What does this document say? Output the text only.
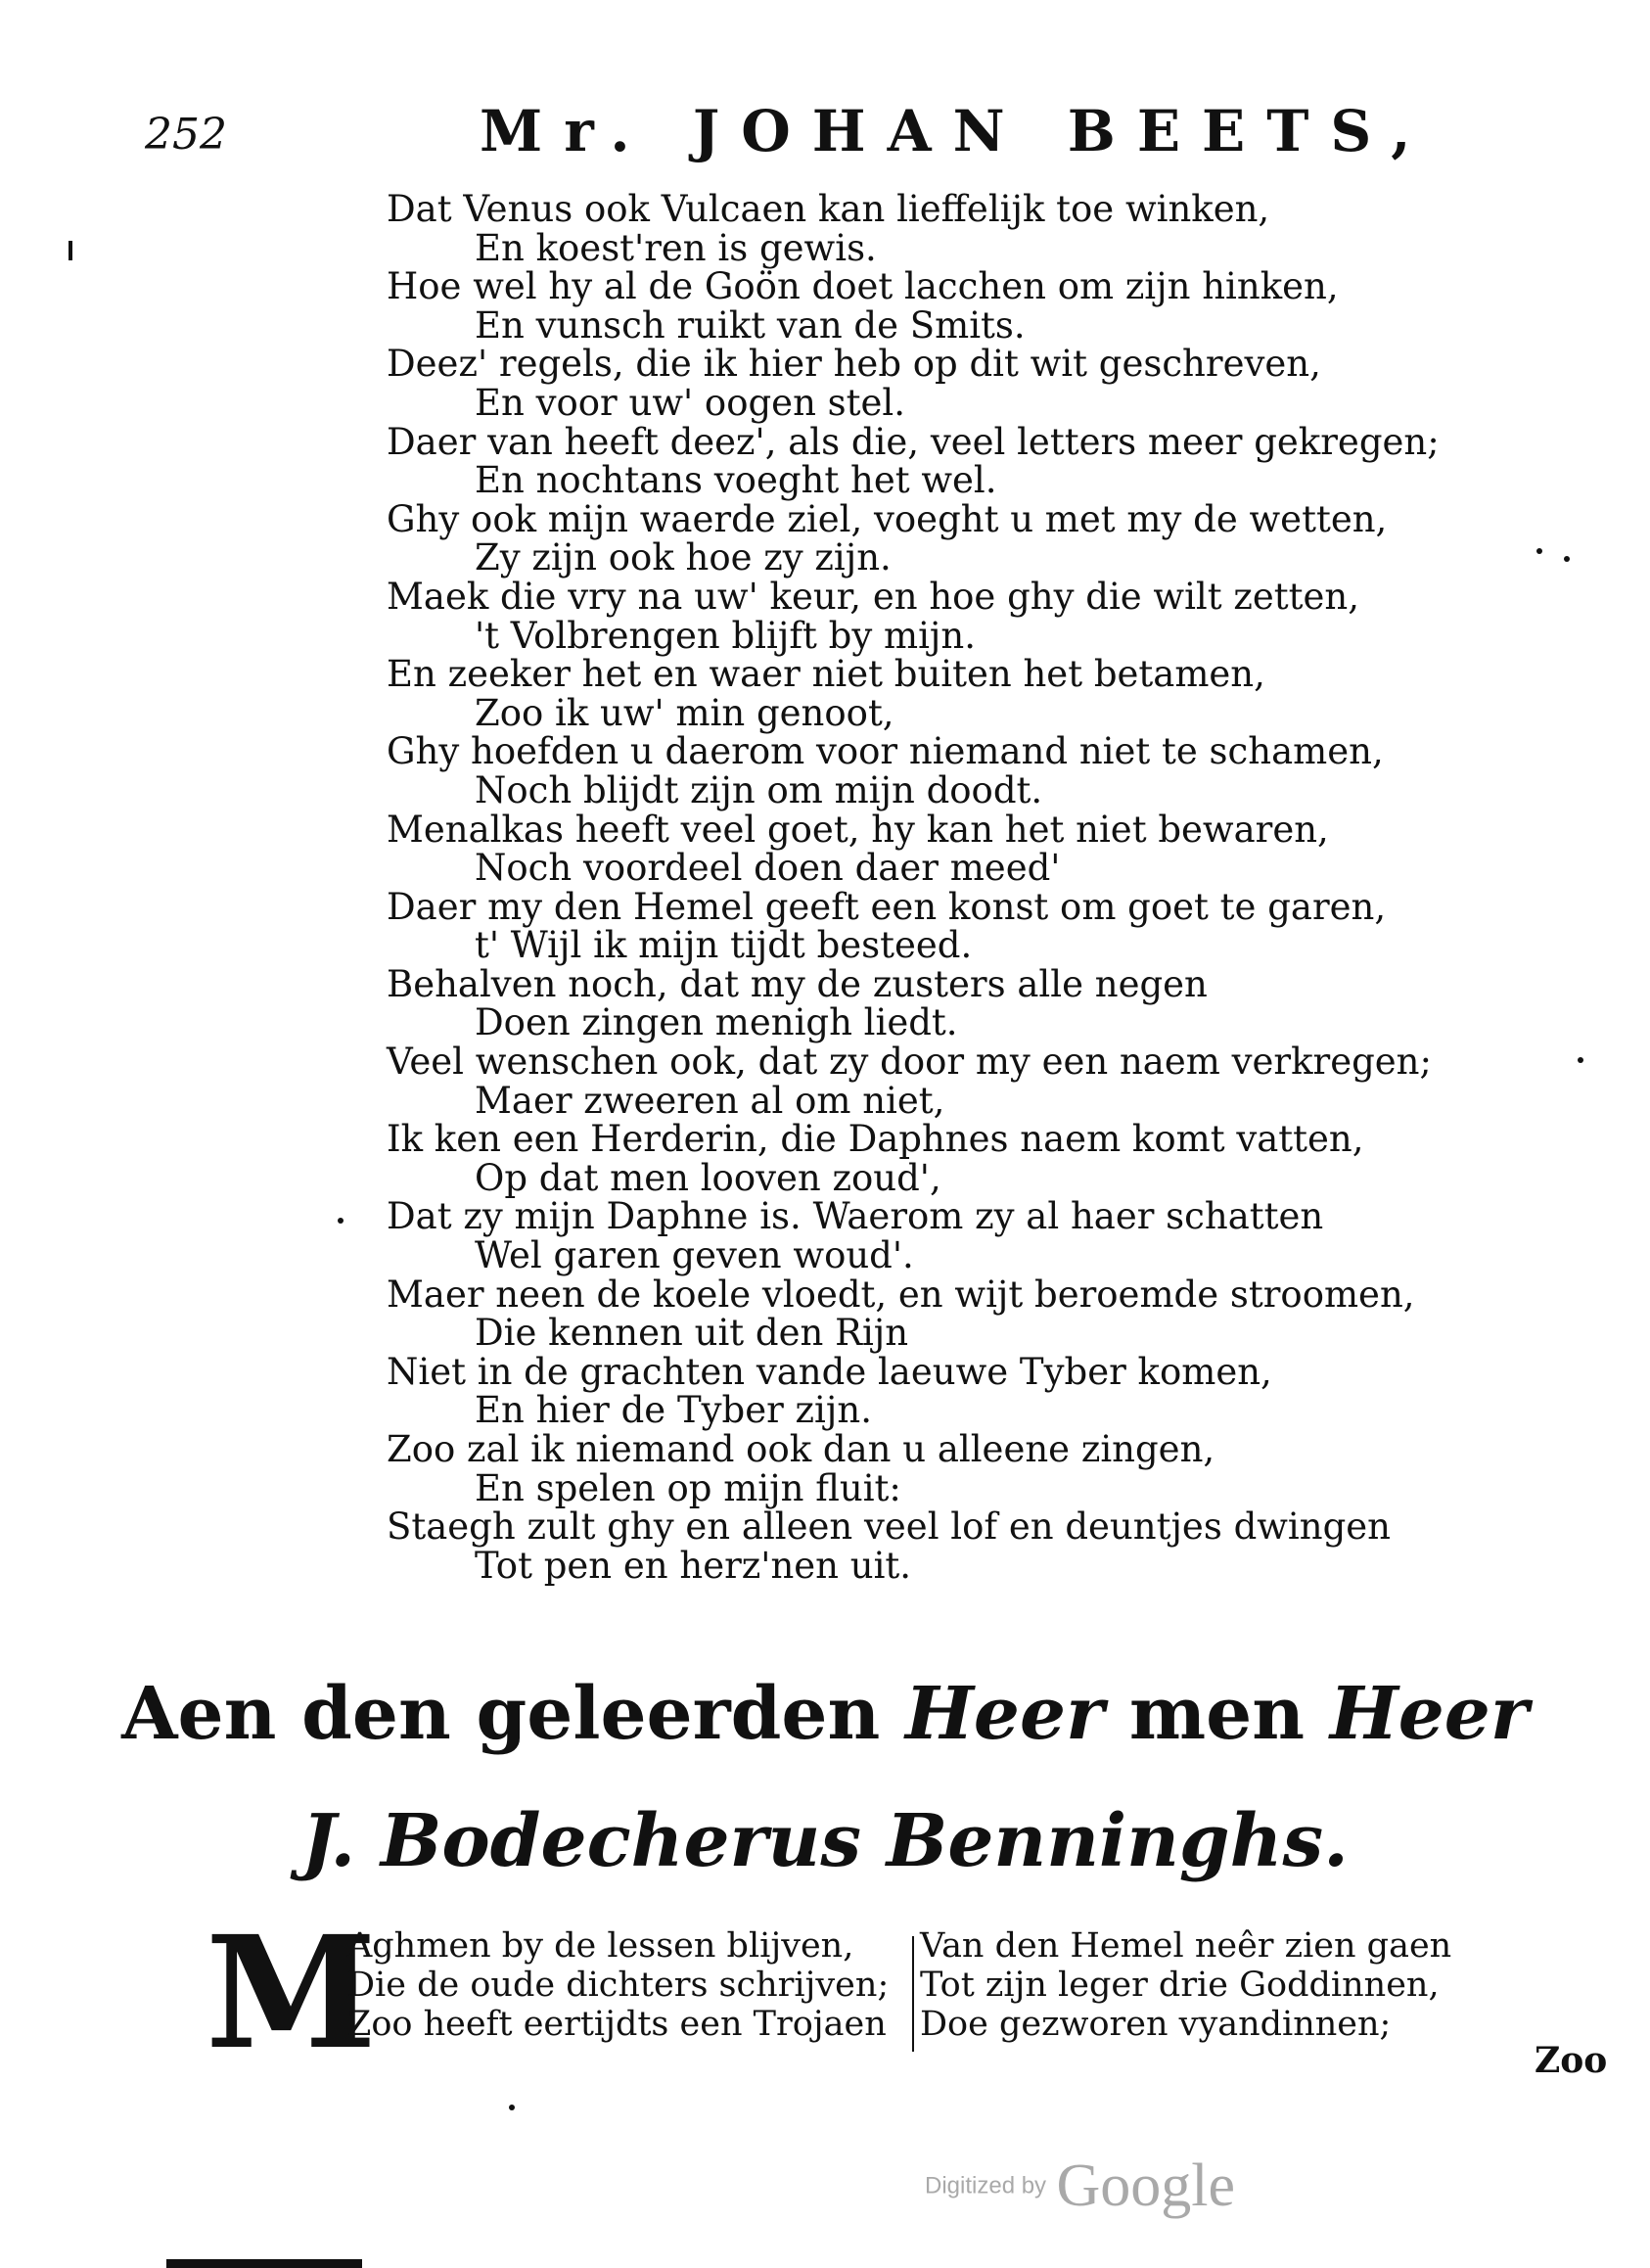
252	Mr. JOHAN BEETS,
Dat Venus ook Vulcaen kan lieffelijk toe winken,
En koest'ren is gewis.
Hoe wel hy al de Goön doet lacchen om zijn hinken,
En vunsch ruikt van de Smits.
Deez' regels, die ik hier heb op dit wit geschreven,
En voor uw' oogen stel.
Daer van heeft deez', als die, veel letters meer gekregen;
En nochtans voeght het wel.
Ghy ook mijn waerde ziel, voeght u met my de wetten,
Zy zijn ook hoe zy zijn.
Maek die vry na uw' keur, en hoe ghy die wilt zetten,
't Volbrengen blijft by mijn.
En zeeker het en waer niet buiten het betamen,
Zoo ik uw' min genoot,
Ghy hoefden u daerom voor niemand niet te schamen,
Noch blijdt zijn om mijn doodt.
Menalkas heeft veel goet, hy kan het niet bewaren,
Noch voordeel doen daer meed'
Daer my den Hemel geeft een konst om goet te garen,
t' Wijl ik mijn tijdt besteed.
Behalven noch, dat my de zusters alle negen
Doen zingen menigh liedt.
Veel wenschen ook, dat zy door my een naem verkregen;
Maer zweeren al om niet,
Ik ken een Herderin, die Daphnes naem komt vatten,
Op dat men looven zoud',
Dat zy mijn Daphne is. Waerom zy al haer schatten
Wel garen geven woud'.
Maer neen de koele vloedt, en wijt beroemde stroomen,
Die kennen uit den Rijn
Niet in de grachten vande laeuwe Tyber komen,
En hier de Tyber zijn.
Zoo zal ik niemand ook dan u alleene zingen,
En spelen op mijn fluit:
Staegh zult ghy en alleen veel lof en deuntjes dwingen
Tot pen en herz'nen uit.
Aen den geleerden Heer men Heer
J. Bodecherus Benninghs.
M
Aghmen by de lessen blijven,
Die de oude dichters schrijven;
Zoo heeft eertijdts een Trojaen
Van den Hemel neêr zien gaen
Tot zijn leger drie Goddinnen,
Doe gezworen vyandinnen;
Zoo
Digitized by Google
